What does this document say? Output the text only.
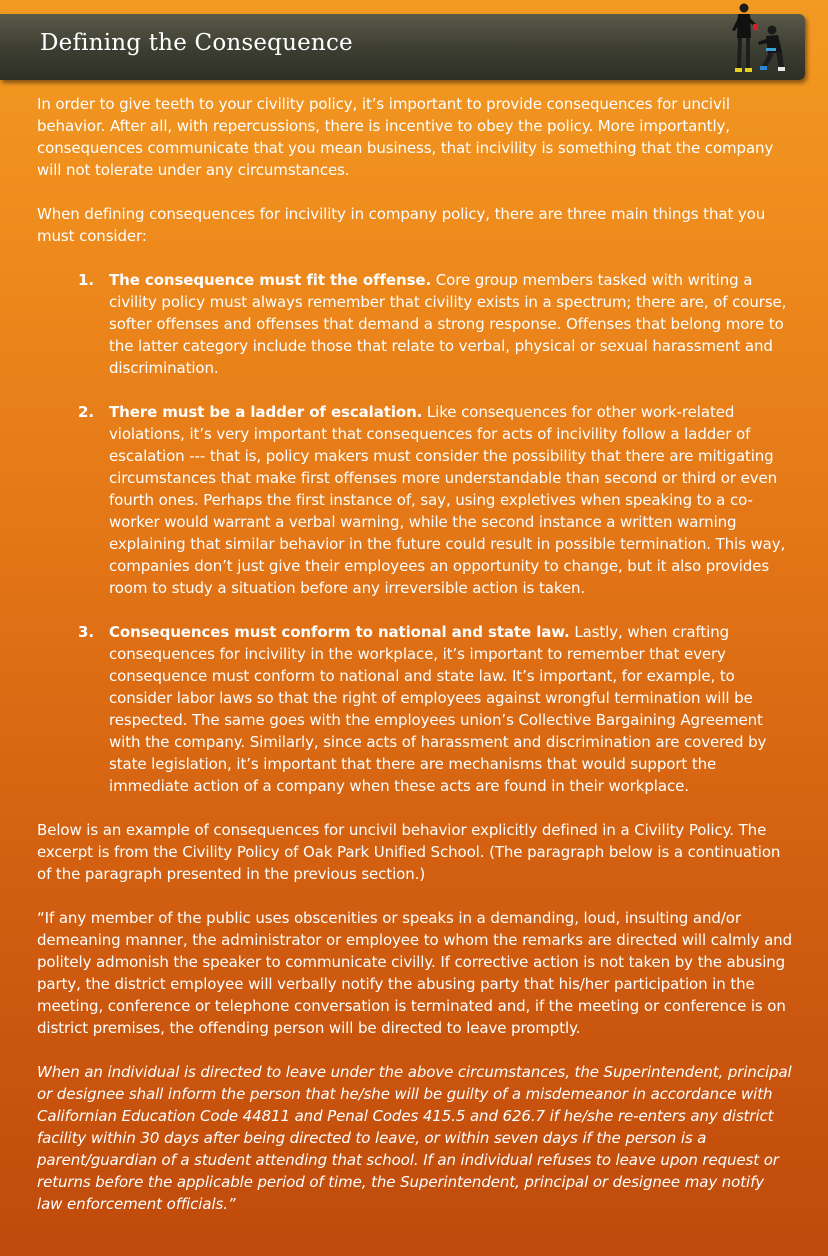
Defining the Consequence

In order to give teeth to your civility policy, it’s important to provide consequences for uncivil behavior. After all, with repercussions, there is incentive to obey the policy. More importantly, consequences communicate that you mean business, that incivility is something that the company will not tolerate under any circumstances.

When defining consequences for incivility in company policy, there are three main things that you must consider:

1. The consequence must fit the offense. Core group members tasked with writing a civility policy must always remember that civility exists in a spectrum; there are, of course, softer offenses and offenses that demand a strong response. Offenses that belong more to the latter category include those that relate to verbal, physical or sexual harassment and discrimination.
2. There must be a ladder of escalation. Like consequences for other work-related violations, it’s very important that consequences for acts of incivility follow a ladder of escalation --- that is, policy makers must consider the possibility that there are mitigating circumstances that make first offenses more understandable than second or third or even fourth ones. Perhaps the first instance of, say, using expletives when speaking to a co-worker would warrant a verbal warning, while the second instance a written warning explaining that similar behavior in the future could result in possible termination. This way, companies don’t just give their employees an opportunity to change, but it also provides room to study a situation before any irreversible action is taken.
3. Consequences must conform to national and state law. Lastly, when crafting consequences for incivility in the workplace, it’s important to remember that every consequence must conform to national and state law. It’s important, for example, to consider labor laws so that the right of employees against wrongful termination will be respected. The same goes with the employees union’s Collective Bargaining Agreement with the company. Similarly, since acts of harassment and discrimination are covered by state legislation, it’s important that there are mechanisms that would support the immediate action of a company when these acts are found in their workplace.

Below is an example of consequences for uncivil behavior explicitly defined in a Civility Policy. The excerpt is from the Civility Policy of Oak Park Unified School. (The paragraph below is a continuation of the paragraph presented in the previous section.)

“If any member of the public uses obscenities or speaks in a demanding, loud, insulting and/or demeaning manner, the administrator or employee to whom the remarks are directed will calmly and politely admonish the speaker to communicate civilly. If corrective action is not taken by the abusing party, the district employee will verbally notify the abusing party that his/her participation in the meeting, conference or telephone conversation is terminated and, if the meeting or conference is on district premises, the offending person will be directed to leave promptly.

When an individual is directed to leave under the above circumstances, the Superintendent, principal or designee shall inform the person that he/she will be guilty of a misdemeanor in accordance with Californian Education Code 44811 and Penal Codes 415.5 and 626.7 if he/she re-enters any district facility within 30 days after being directed to leave, or within seven days if the person is a parent/guardian of a student attending that school. If an individual refuses to leave upon request or returns before the applicable period of time, the Superintendent, principal or designee may notify law enforcement officials.”
